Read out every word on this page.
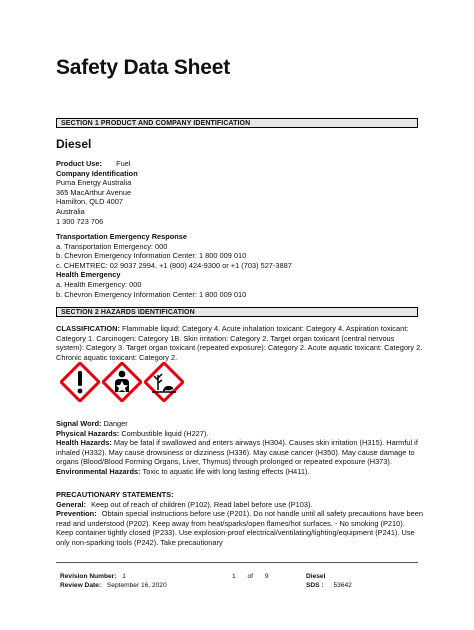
Safety Data Sheet
SECTION 1 PRODUCT AND COMPANY IDENTIFICATION
Diesel
Product Use: Fuel
Company Identification
Puma Energy Australia
365 MacArthur Avenue
Hamilton, QLD 4007
Australia
1 300 723 706
Transportation Emergency Response
a. Transportation Emergency: 000
b. Chevron Emergency Information Center: 1 800 009 010
c. CHEMTREC: 02 9037 2994, +1 (800) 424-9300 or +1 (703) 527-3887
Health Emergency
a. Health Emergency: 000
b. Chevron Emergency Information Center: 1 800 009 010
SECTION 2 HAZARDS IDENTIFICATION
CLASSIFICATION: Flammable liquid: Category 4. Acute inhalation toxicant: Category 4. Aspiration toxicant: Category 1. Carcinogen: Category 1B. Skin irritation: Category 2. Target organ toxicant (central nervous system): Category 3. Target organ toxicant (repeated exposure): Category 2. Acute aquatic toxicant: Category 2. Chronic aquatic toxicant: Category 2.
Signal Word: Danger
Physical Hazards: Combustible liquid (H227).
Health Hazards: May be fatal if swallowed and enters airways (H304). Causes skin irritation (H315). Harmful if inhaled (H332). May cause drowsiness or dizziness (H336). May cause cancer (H350). May cause damage to organs (Blood/Blood Forming Organs, Liver, Thymus) through prolonged or repeated exposure (H373).
Environmental Hazards: Toxic to aquatic life with long lasting effects (H411).
PRECAUTIONARY STATEMENTS:
General: Keep out of reach of children (P102). Read label before use (P103).
Prevention: Obtain special instructions before use (P201). Do not handle until all safety precautions have been read and understood (P202). Keep away from heat/sparks/open flames/hot surfaces. - No smoking (P210). Keep container tightly closed (P233). Use explosion-proof electrical/ventilating/lighting/equipment (P241). Use only non-sparking tools (P242). Take precautionary
Revision Number: 1
Review Date: September 16, 2020
1 of 9	Diesel
SDS : 53642
